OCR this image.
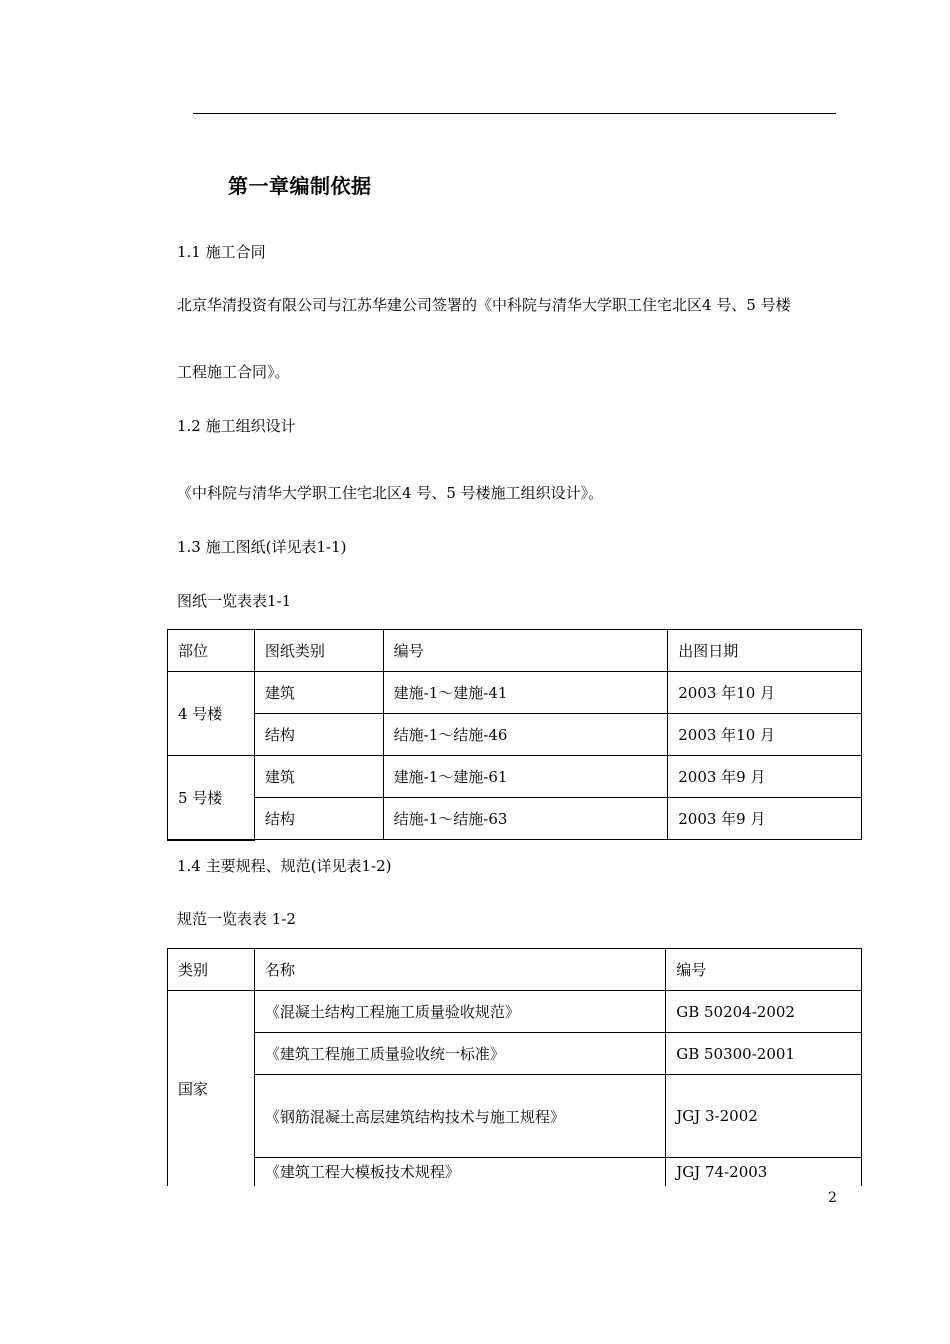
第一章编制依据
1.1 施工合同
北京华清投资有限公司与江苏华建公司签署的《中科院与清华大学职工住宅北区4 号、5 号楼
工程施工合同》。
1.2 施工组织设计
《中科院与清华大学职工住宅北区4 号、5 号楼施工组织设计》。
1.3 施工图纸(详见表1-1)
图纸一览表表1-1
部位	图纸类别	编号	出图日期
4 号楼	建筑	建施-1～建施-41	2003 年10 月
	结构	结施-1～结施-46	2003 年10 月
5 号楼	建筑	建施-1～建施-61	2003 年9 月
	结构	结施-1～结施-63	2003 年9 月
1.4 主要规程、规范(详见表1-2)
规范一览表表 1-2
类别	名称	编号
国家	《混凝土结构工程施工质量验收规范》	GB 50204-2002
	《建筑工程施工质量验收统一标准》	GB 50300-2001
	《钢筋混凝土高层建筑结构技术与施工规程》	JGJ 3-2002
	《建筑工程大模板技术规程》	JGJ 74-2003
2
